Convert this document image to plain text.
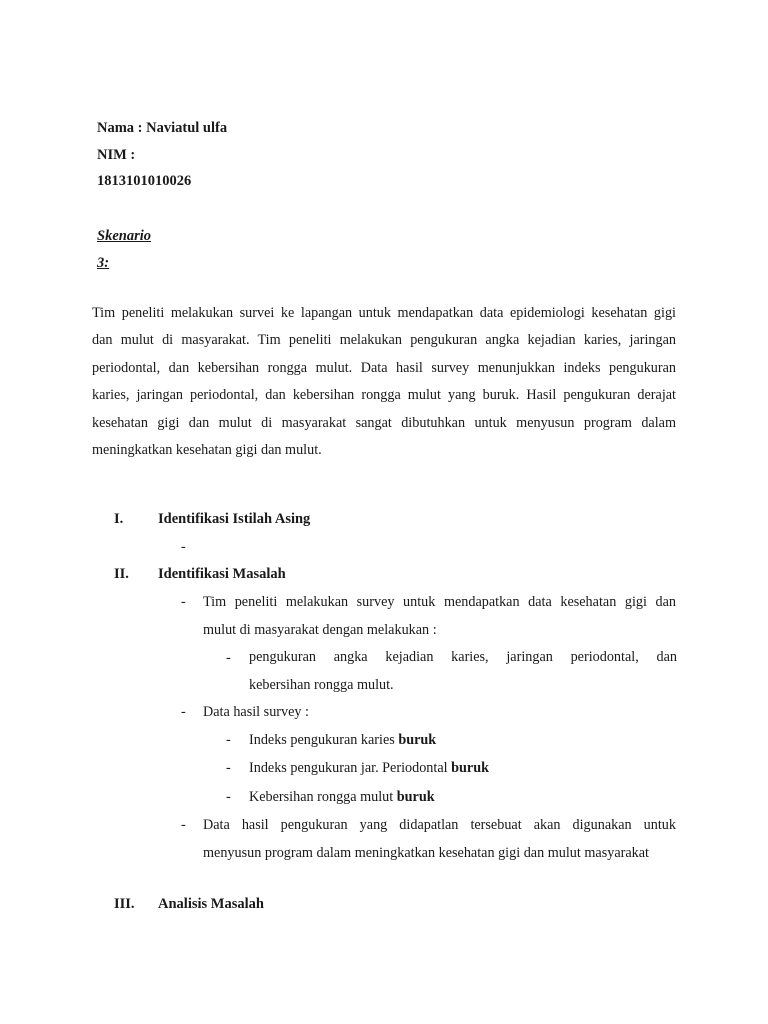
Nama : Naviatul ulfa
NIM :
1813101010026
Skenario
3:
Tim peneliti melakukan survei ke lapangan untuk mendapatkan data epidemiologi kesehatan gigi
dan mulut di masyarakat. Tim peneliti melakukan pengukuran angka kejadian karies, jaringan
periodontal, dan kebersihan rongga mulut. Data hasil survey menunjukkan indeks pengukuran
karies, jaringan periodontal, dan kebersihan rongga mulut yang buruk. Hasil pengukuran derajat
kesehatan gigi dan mulut di masyarakat sangat dibutuhkan untuk menyusun program dalam
meningkatkan kesehatan gigi dan mulut.
I. Identifikasi Istilah Asing
-
II. Identifikasi Masalah
- Tim peneliti melakukan survey untuk mendapatkan data kesehatan gigi dan
mulut di masyarakat dengan melakukan :
- pengukuran angka kejadian karies, jaringan periodontal, dan
kebersihan rongga mulut.
- Data hasil survey :
- Indeks pengukuran karies buruk
- Indeks pengukuran jar. Periodontal buruk
- Kebersihan rongga mulut buruk
- Data hasil pengukuran yang didapatlan tersebuat akan digunakan untuk
menyusun program dalam meningkatkan kesehatan gigi dan mulut masyarakat
III. Analisis Masalah
